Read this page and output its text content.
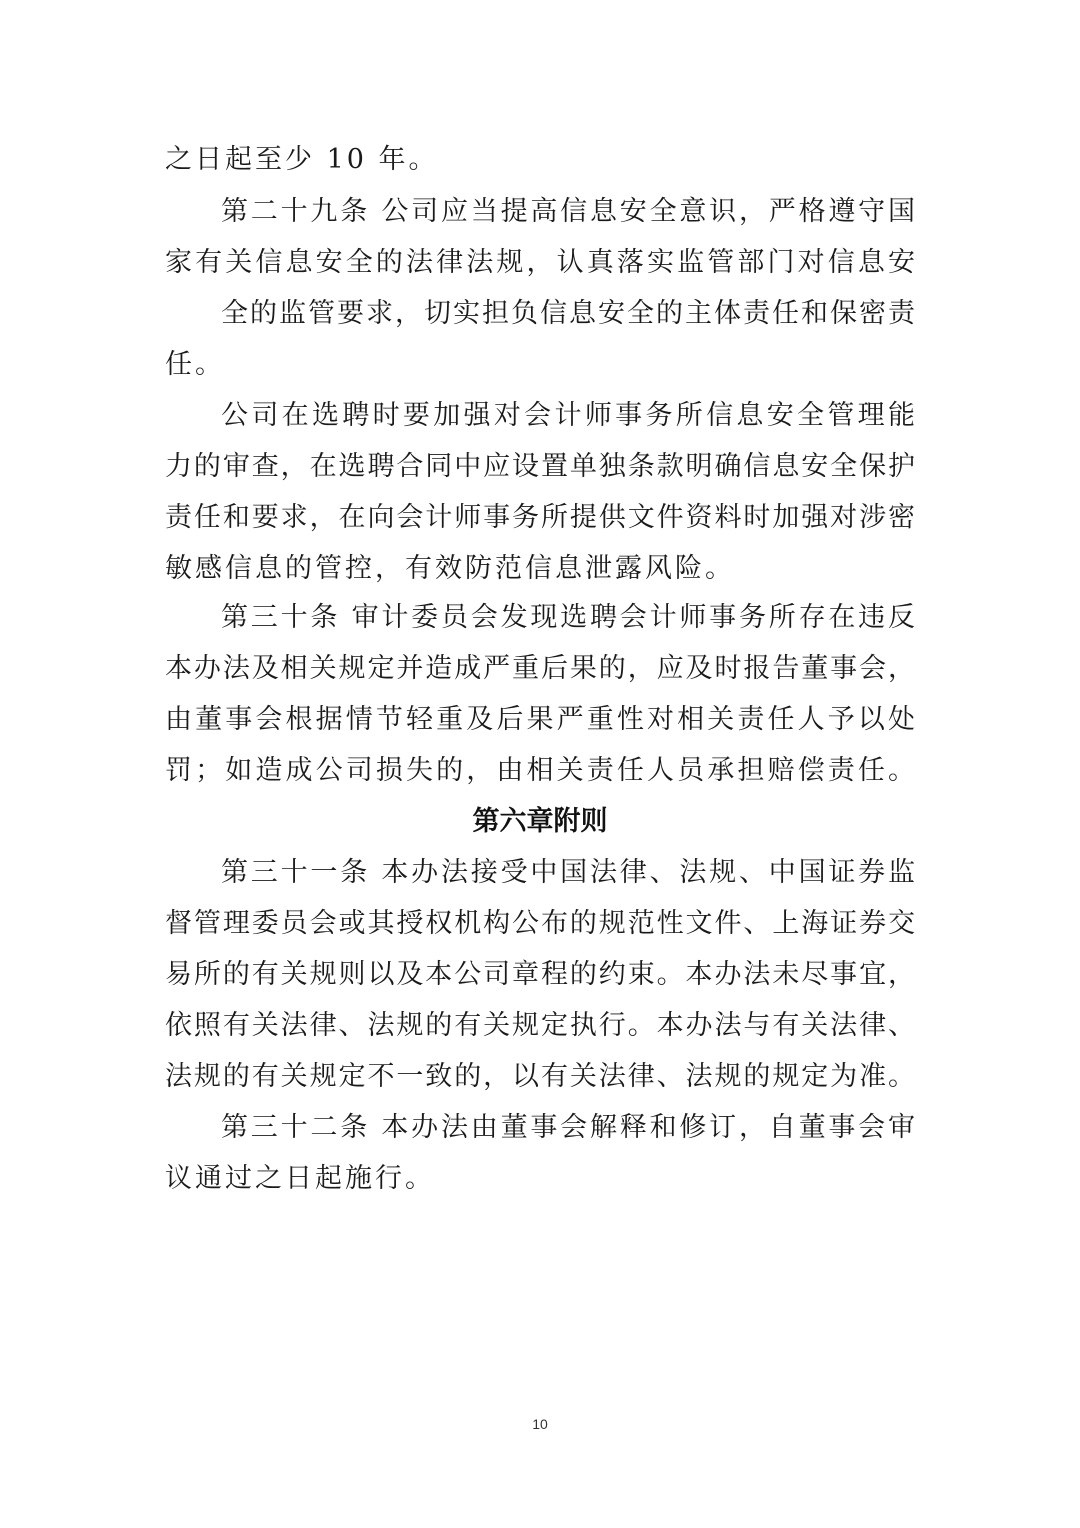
之日起至少 10 年。
第二十九条 公司应当提高信息安全意识，严格遵守国
家有关信息安全的法律法规，认真落实监管部门对信息安
全的监管要求，切实担负信息安全的主体责任和保密责
任。
公司在选聘时要加强对会计师事务所信息安全管理能
力的审查，在选聘合同中应设置单独条款明确信息安全保护
责任和要求，在向会计师事务所提供文件资料时加强对涉密
敏感信息的管控，有效防范信息泄露风险。
第三十条 审计委员会发现选聘会计师事务所存在违反
本办法及相关规定并造成严重后果的，应及时报告董事会，
由董事会根据情节轻重及后果严重性对相关责任人予以处
罚；如造成公司损失的，由相关责任人员承担赔偿责任。
第六章附则
第三十一条 本办法接受中国法律、法规、中国证券监
督管理委员会或其授权机构公布的规范性文件、上海证券交
易所的有关规则以及本公司章程的约束。本办法未尽事宜，
依照有关法律、法规的有关规定执行。本办法与有关法律、
法规的有关规定不一致的，以有关法律、法规的规定为准。
第三十二条 本办法由董事会解释和修订，自董事会审
议通过之日起施行。
10
